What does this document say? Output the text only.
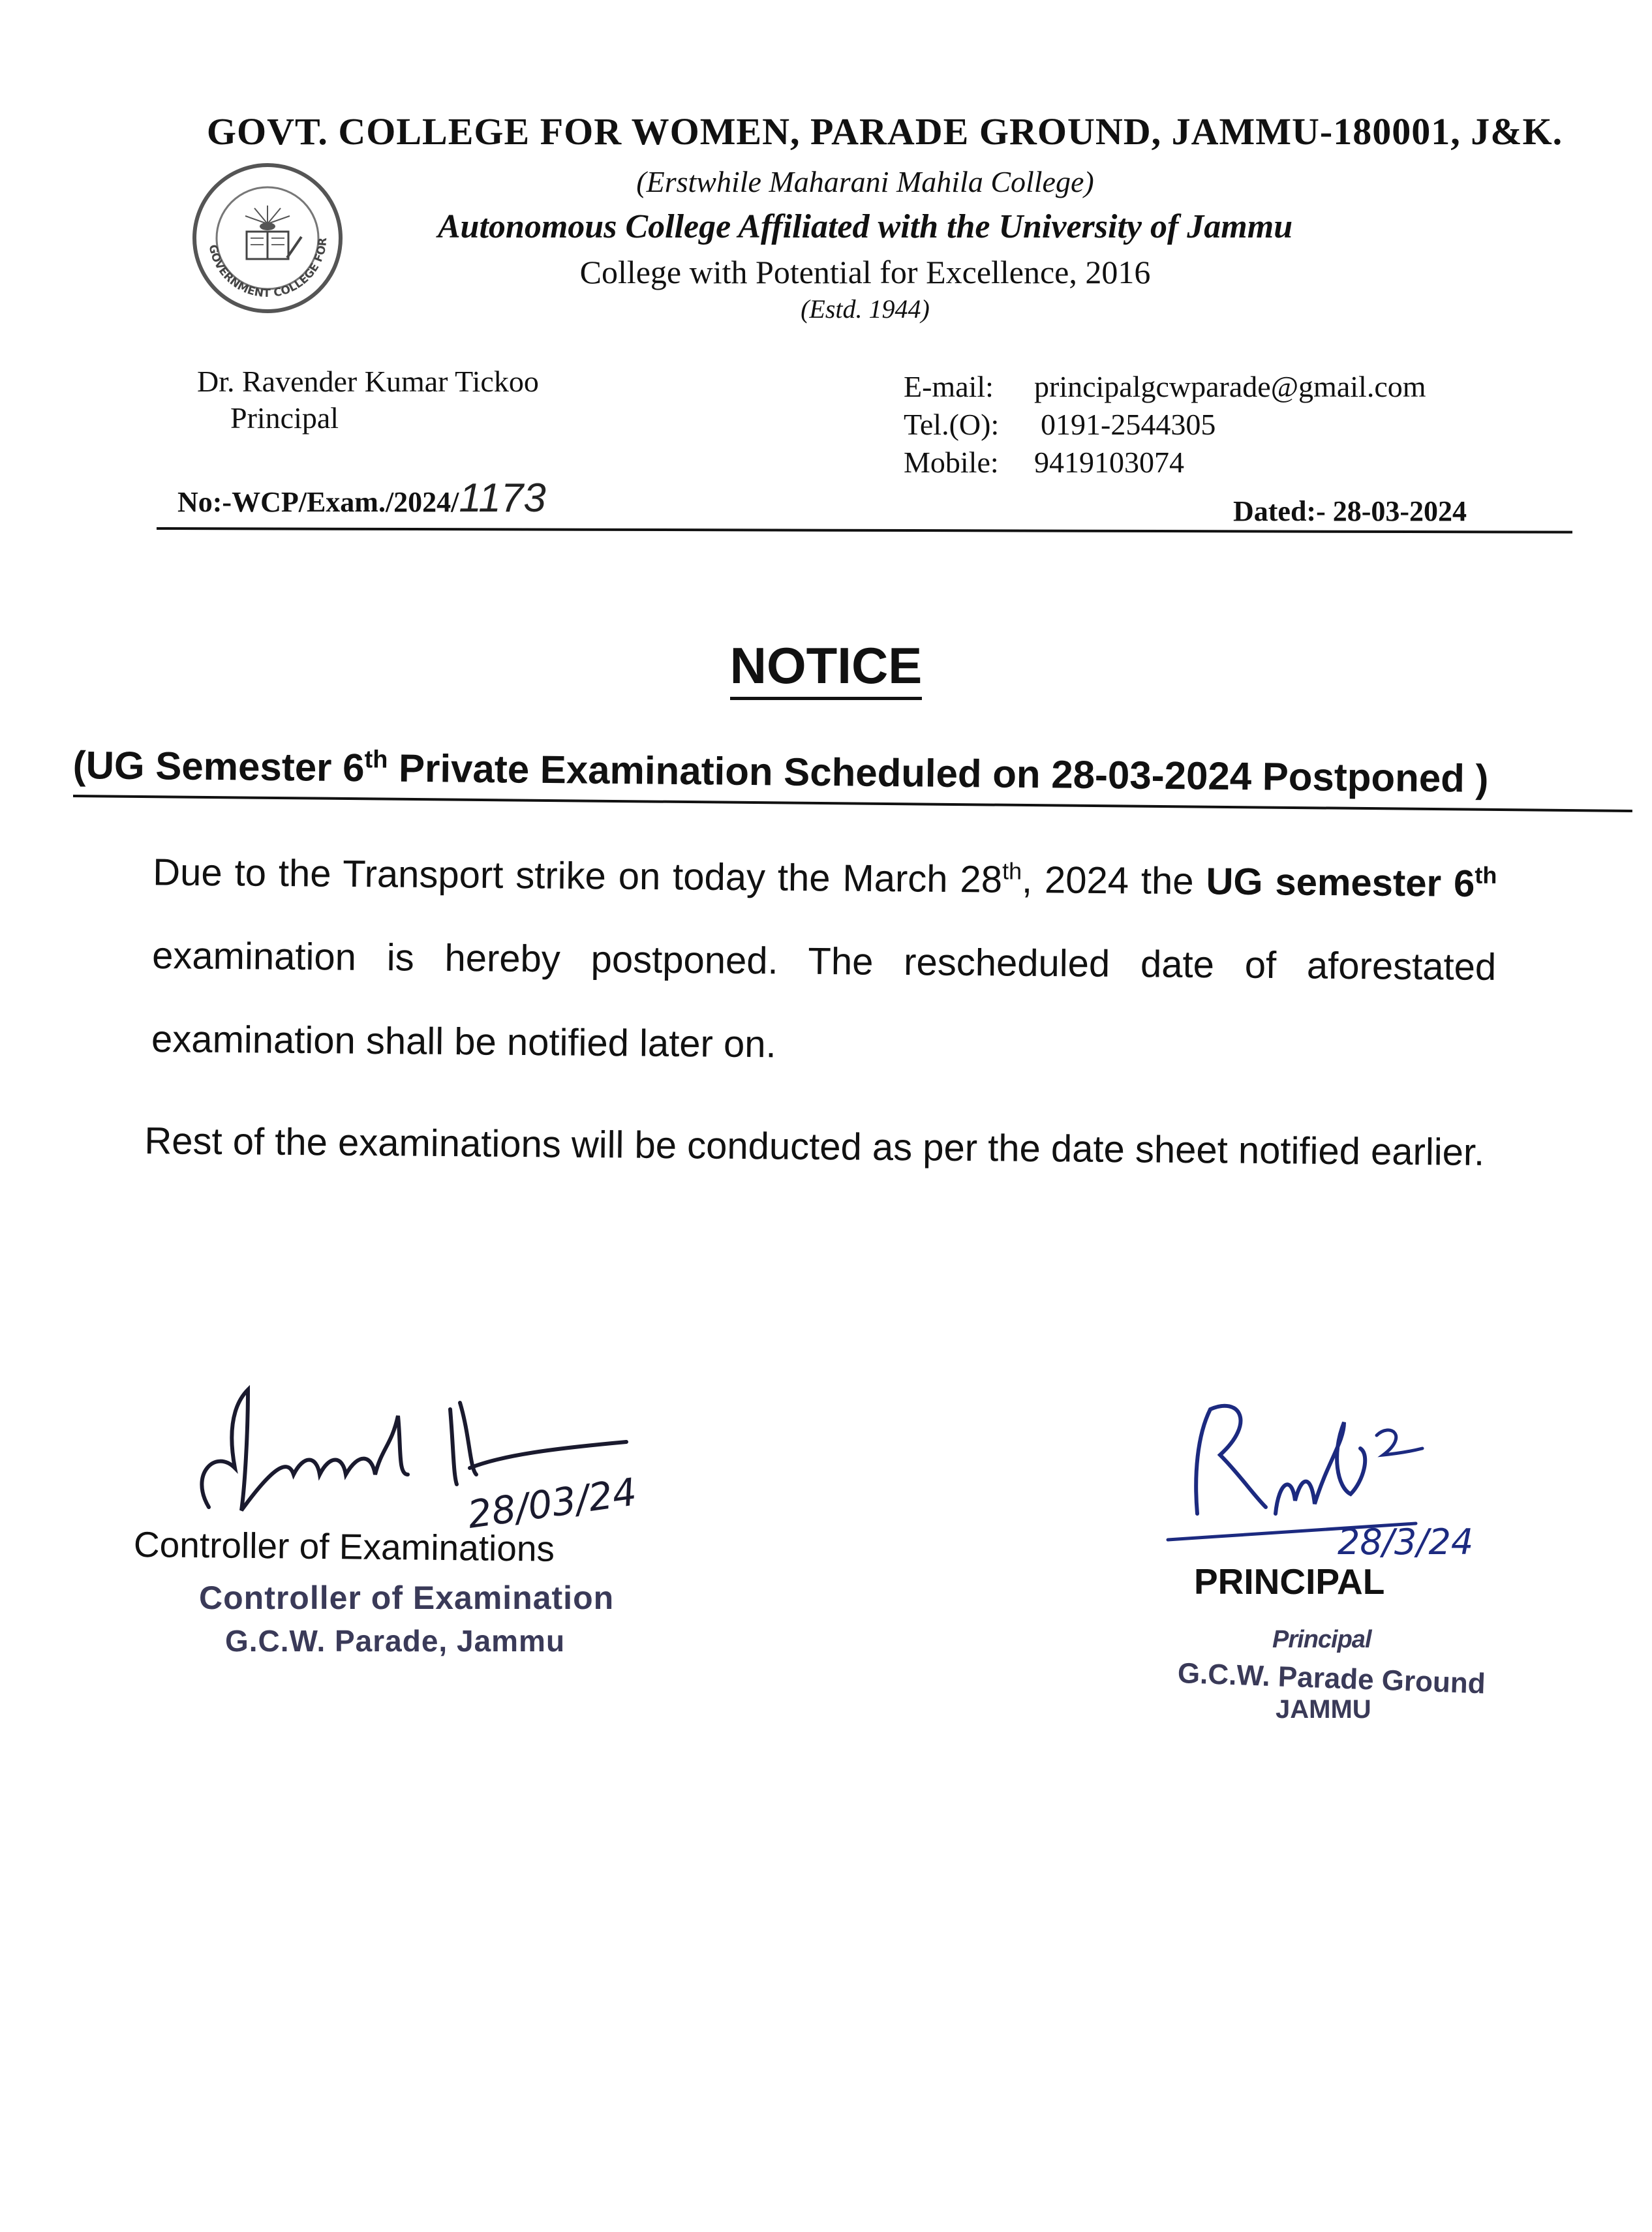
GOVT. COLLEGE FOR WOMEN, PARADE GROUND, JAMMU-180001, J&K.
(Erstwhile Maharani Mahila College)
Autonomous College Affiliated with the University of Jammu
College with Potential for Excellence, 2016
(Estd. 1944)
GOVERNMENT COLLEGE FOR
Dr. Ravender Kumar Tickoo
Principal
E-mail: principalgcwparade@gmail.com
Tel.(O): 0191-2544305
Mobile: 9419103074
No:-WCP/Exam./2024/1173	Dated:- 28-03-2024
NOTICE
(UG Semester 6th Private Examination Scheduled on 28-03-2024 Postponed )
Due to the Transport strike on today the March 28th, 2024 the UG semester 6th examination is hereby postponed. The rescheduled date of aforestated examination shall be notified later on.
Rest of the examinations will be conducted as per the date sheet notified earlier.
28/03/24
Controller of Examinations
Controller of Examination
G.C.W. Parade, Jammu
28/3/24
PRINCIPAL
Principal
G.C.W. Parade Ground
JAMMU
